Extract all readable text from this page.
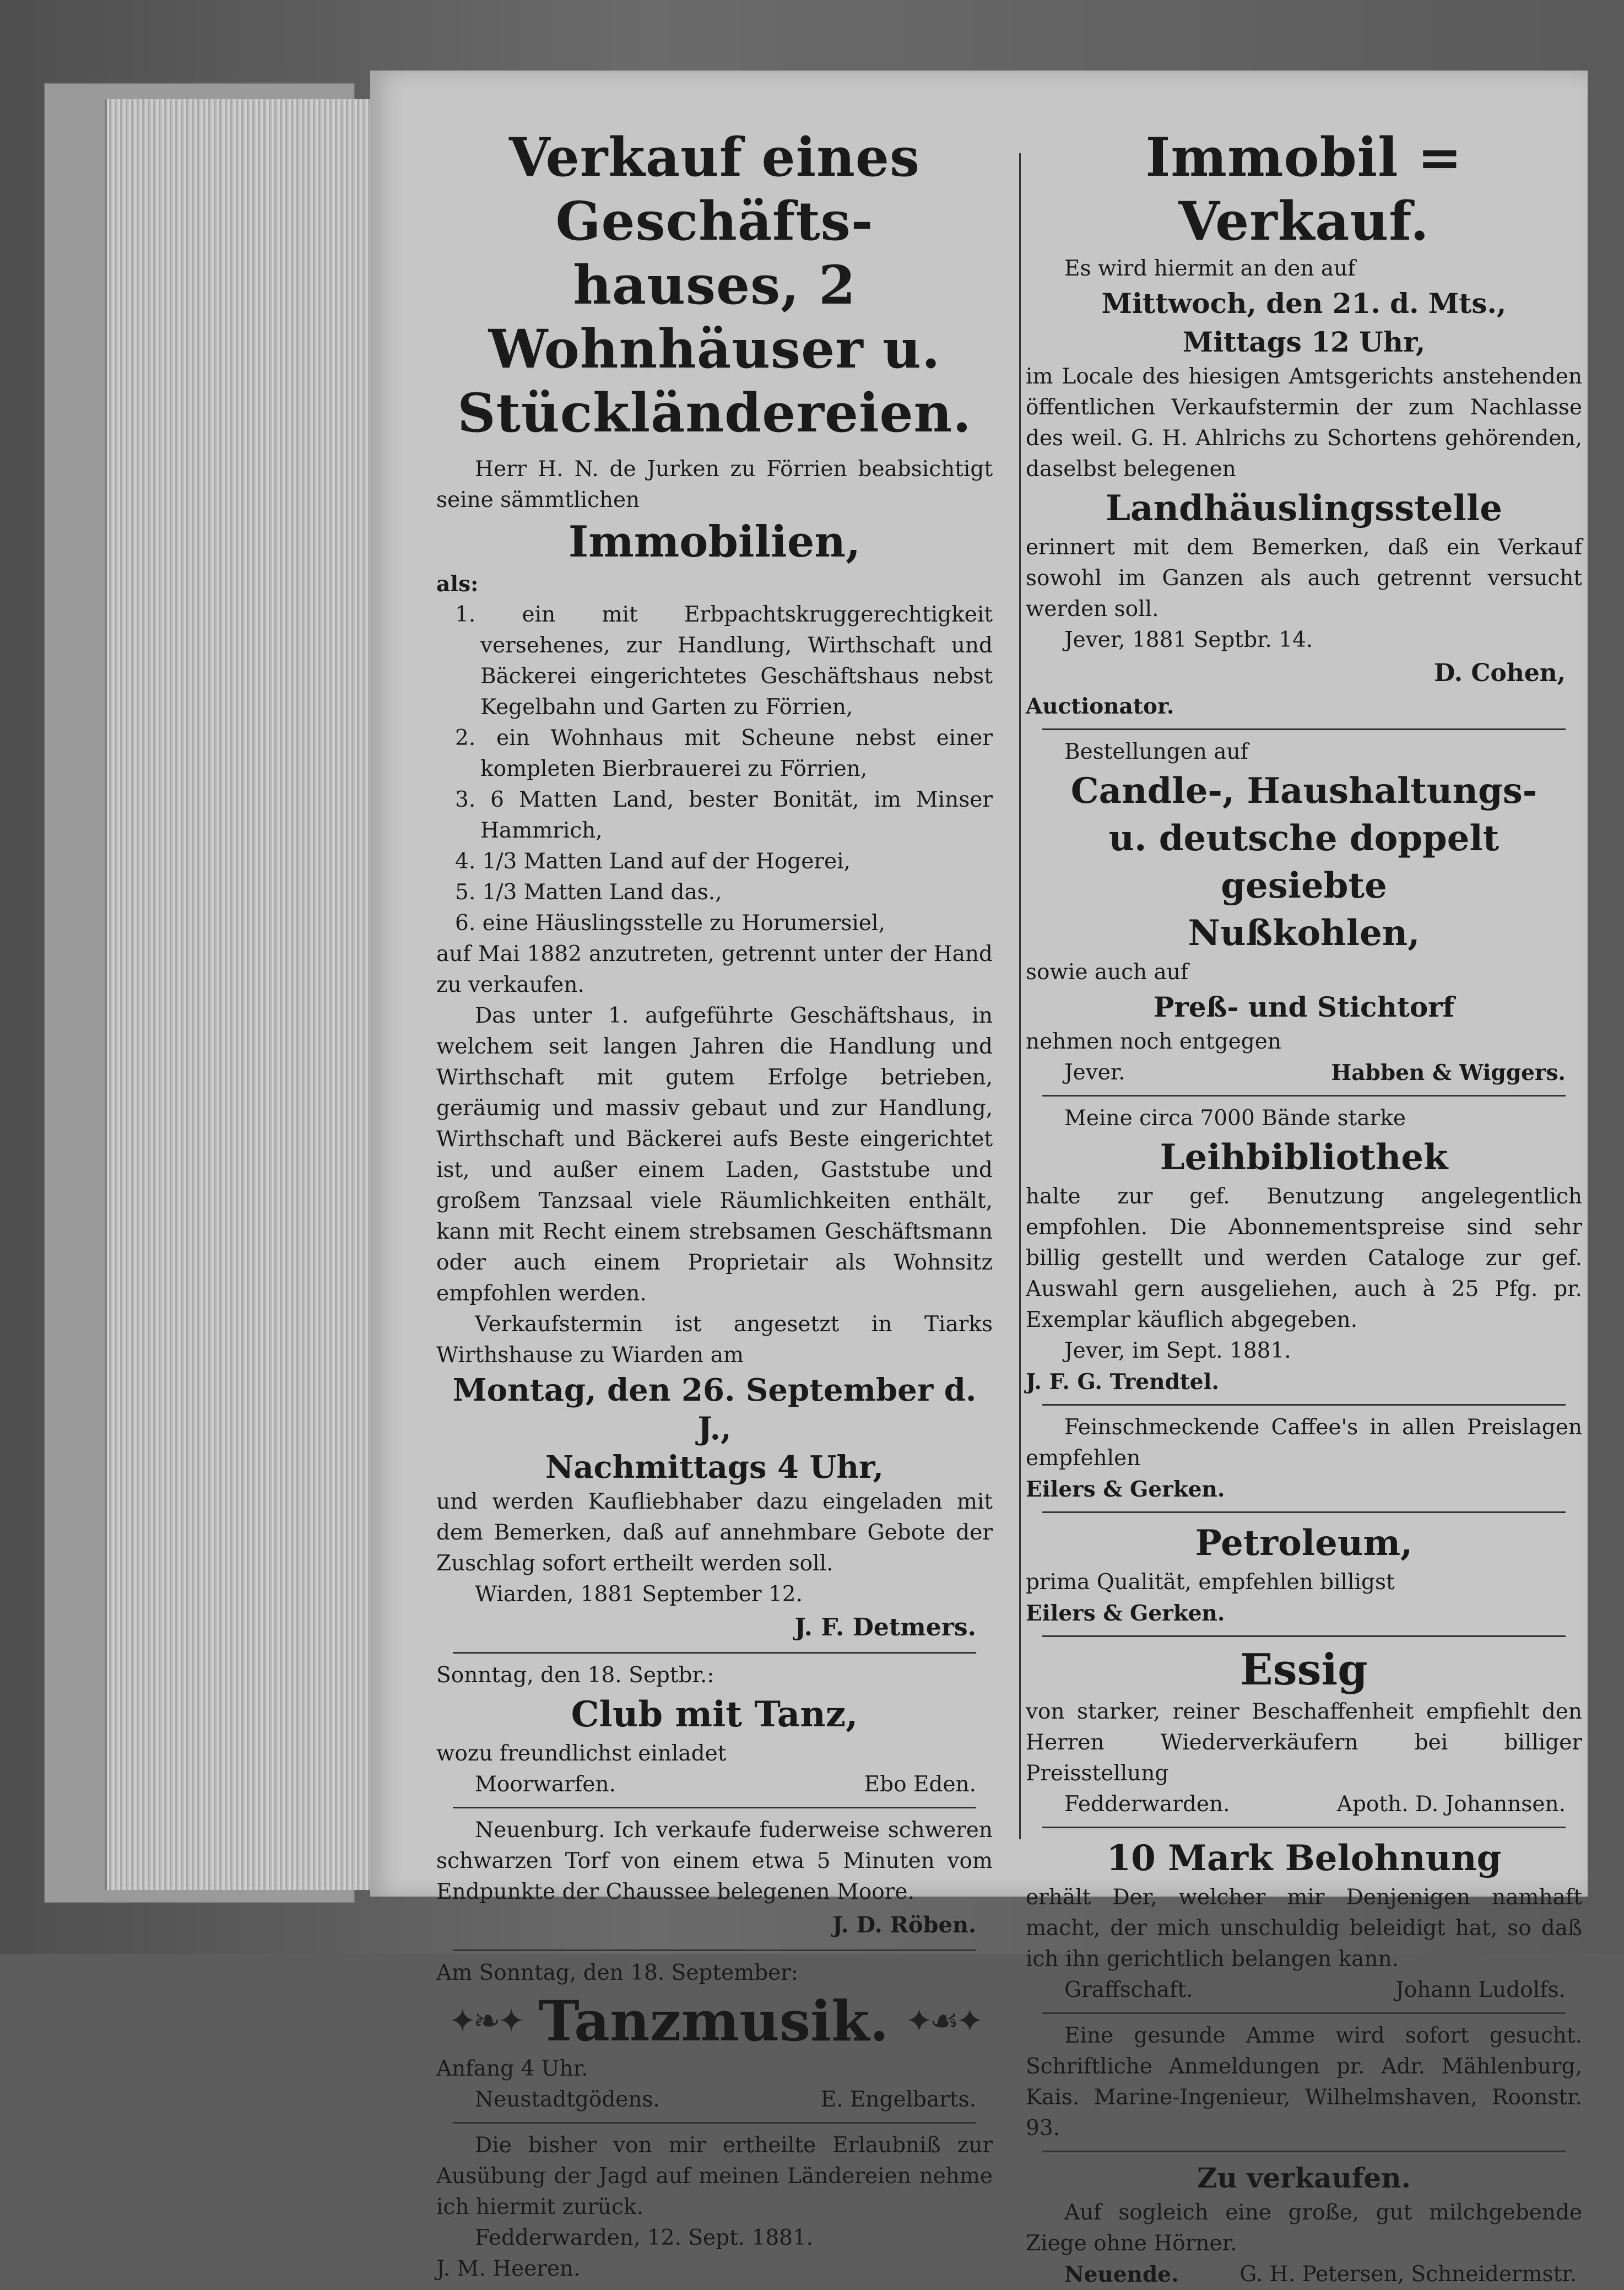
Verkauf eines Geschäfts-
hauses, 2 Wohnhäuser u.
Stückländereien.
Herr H. N. de Jurken zu Förrien beabsichtigt seine sämmtlichen
Immobilien,
als:
1. ein mit Erbpachtskruggerechtigkeit versehenes, zur Handlung, Wirthschaft und Bäckerei eingerichtetes Geschäftshaus nebst Kegelbahn und Garten zu Förrien,
2. ein Wohnhaus mit Scheune nebst einer kompleten Bierbrauerei zu Förrien,
3. 6 Matten Land, bester Bonität, im Minser Hammrich,
4. 1/3 Matten Land auf der Hogerei,
5. 1/3 Matten Land das.,
6. eine Häuslingsstelle zu Horumersiel,
auf Mai 1882 anzutreten, getrennt unter der Hand zu verkaufen.
Das unter 1. aufgeführte Geschäftshaus, in welchem seit langen Jahren die Handlung und Wirthschaft mit gutem Erfolge betrieben, geräumig und massiv gebaut und zur Handlung, Wirthschaft und Bäckerei aufs Beste eingerichtet ist, und außer einem Laden, Gaststube und großem Tanzsaal viele Räumlichkeiten enthält, kann mit Recht einem strebsamen Geschäftsmann oder auch einem Proprietair als Wohnsitz empfohlen werden.
Verkaufstermin ist angesetzt in Tiarks Wirthshause zu Wiarden am
Montag, den 26. September d. J.,
Nachmittags 4 Uhr,
und werden Kaufliebhaber dazu eingeladen mit dem Bemerken, daß auf annehmbare Gebote der Zuschlag sofort ertheilt werden soll.
Wiarden, 1881 September 12.
J. F. Detmers.
Sonntag, den 18. Septbr.:
Club mit Tanz,
wozu freundlichst einladet
Moorwarfen.	Ebo Eden.
Neuenburg. Ich verkaufe fuderweise schweren schwarzen Torf von einem etwa 5 Minuten vom Endpunkte der Chaussee belegenen Moore.
J. D. Röben.
Am Sonntag, den 18. September:
✦❧✦ Tanzmusik. ✦☙✦
Anfang 4 Uhr.
Neustadtgödens.	E. Engelbarts.
Die bisher von mir ertheilte Erlaubniß zur Ausübung der Jagd auf meinen Ländereien nehme ich hiermit zurück.
Fedderwarden, 12. Sept. 1881.
J. M. Heeren.
Immobil = Verkauf.
Es wird hiermit an den auf
Mittwoch, den 21. d. Mts.,
Mittags 12 Uhr,
im Locale des hiesigen Amtsgerichts anstehenden öffentlichen Verkaufstermin der zum Nachlasse des weil. G. H. Ahlrichs zu Schortens gehörenden, daselbst belegenen
Landhäuslingsstelle
erinnert mit dem Bemerken, daß ein Verkauf sowohl im Ganzen als auch getrennt versucht werden soll.
Jever, 1881 Septbr. 14.
D. Cohen,
Auctionator.
Bestellungen auf
Candle-, Haushaltungs-
u. deutsche doppelt gesiebte
Nußkohlen,
sowie auch auf
Preß- und Stichtorf
nehmen noch entgegen
Jever.	Habben & Wiggers.
Meine circa 7000 Bände starke
Leihbibliothek
halte zur gef. Benutzung angelegentlich empfohlen. Die Abonnementspreise sind sehr billig gestellt und werden Cataloge zur gef. Auswahl gern ausgeliehen, auch à 25 Pfg. pr. Exemplar käuflich abgegeben.
Jever, im Sept. 1881.
J. F. G. Trendtel.
Feinschmeckende Caffee's in allen Preislagen empfehlen
Eilers & Gerken.
Petroleum,
prima Qualität, empfehlen billigst
Eilers & Gerken.
Essig
von starker, reiner Beschaffenheit empfiehlt den Herren Wiederverkäufern bei billiger Preisstellung
Fedderwarden.	Apoth. D. Johannsen.
10 Mark Belohnung
erhält Der, welcher mir Denjenigen namhaft macht, der mich unschuldig beleidigt hat, so daß ich ihn gerichtlich belangen kann.
Graffschaft.	Johann Ludolfs.
Eine gesunde Amme wird sofort gesucht. Schriftliche Anmeldungen pr. Adr. Mählenburg, Kais. Marine-Ingenieur, Wilhelmshaven, Roonstr. 93.
Zu verkaufen.
Auf sogleich eine große, gut milchgebende Ziege ohne Hörner.
Neuende.	G. H. Petersen, Schneidermstr.
